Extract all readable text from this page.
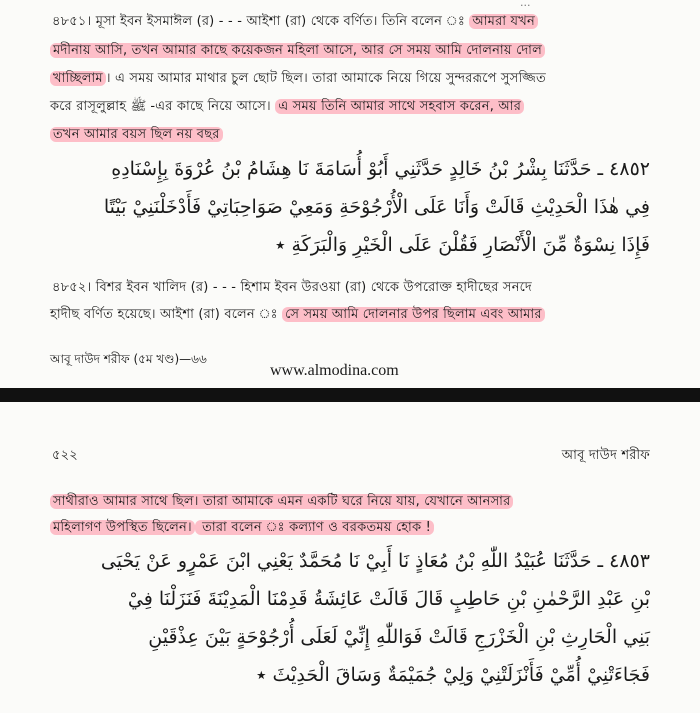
...
৪৮৫১। মূসা ইবন ইসমাঈল (র) - - - আইশা (রা) থেকে বর্ণিত। তিনি বলেন ঃ আমরা যখন
মদীনায় আসি, তখন আমার কাছে কয়েকজন মহিলা আসে, আর সে সময় আমি দোলনায় দোল
খাচ্ছিলাম । এ সময় আমার মাথার চুল ছোট ছিল। তারা আমাকে নিয়ে গিয়ে সুন্দররূপে সুসজ্জিত
করে রাসূলুল্লাহ ﷺ -এর কাছে নিয়ে আসে। এ সময় তিনি আমার সাথে সহবাস করেন, আর
তখন আমার বয়স ছিল নয় বছর
٤٨٥٢ ـ حَدَّثَنَا بِشْرُ بْنُ خَالِدٍ حَدَّثَنِي أَبُوْ أُسَامَةَ نَا هِشَامُ بْنُ عُرْوَةَ بِإِسْنَادِهِ
فِي هٰذَا الْحَدِيْثِ قَالَتْ وَأَنَا عَلَى الْأُرْجُوْحَةِ وَمَعِيْ صَوَاحِبَاتِيْ فَأَدْخَلْنَنِيْ بَيْتًا
فَإِذَا نِسْوَةٌ مِّنَ الْأَنْصَارِ فَقُلْنَ عَلَى الْخَيْرِ وَالْبَرَكَةِ ٭
৪৮৫২। বিশর ইবন খালিদ (র) - - - হিশাম ইবন উরওয়া (রা) থেকে উপরোক্ত হাদীছের সনদে
হাদীছ বর্ণিত হয়েছে। আইশা (রা) বলেন ঃ সে সময় আমি দোলনার উপর ছিলাম এবং আমার
আবূ দাউদ শরীফ (৫ম খণ্ড)—৬৬
www.almodina.com
৫২২	আবূ দাউদ শরীফ
সাথীরাও আমার সাথে ছিল। তারা আমাকে এমন একটি ঘরে নিয়ে যায়, যেখানে আনসার
মহিলাগণ উপস্থিত ছিলেন। তারা বলেন ঃ কল্যাণ ও বরকতময় হোক !
٤٨٥٣ ـ حَدَّثَنَا عُبَيْدُ اللّٰهِ بْنُ مُعَاذٍ نَا أَبِيْ نَا مُحَمَّدٌ يَعْنِي ابْنَ عَمْرٍو عَنْ يَحْيَى
بْنِ عَبْدِ الرَّحْمٰنِ بْنِ حَاطِبٍ قَالَ قَالَتْ عَائِشَةُ قَدِمْنَا الْمَدِيْنَةَ فَنَزَلْنَا فِيْ
بَنِي الْحَارِثِ بْنِ الْخَزْرَجِ قَالَتْ فَوَاللّٰهِ إِنِّيْ لَعَلَى أُرْجُوْحَةٍ بَيْنَ عِذْقَيْنِ
فَجَاءَتْنِيْ أُمِّيْ فَأَنْزَلَتْنِيْ وَلِيْ جُمَيْمَةٌ وَسَاقَ الْحَدِيْثَ ٭
